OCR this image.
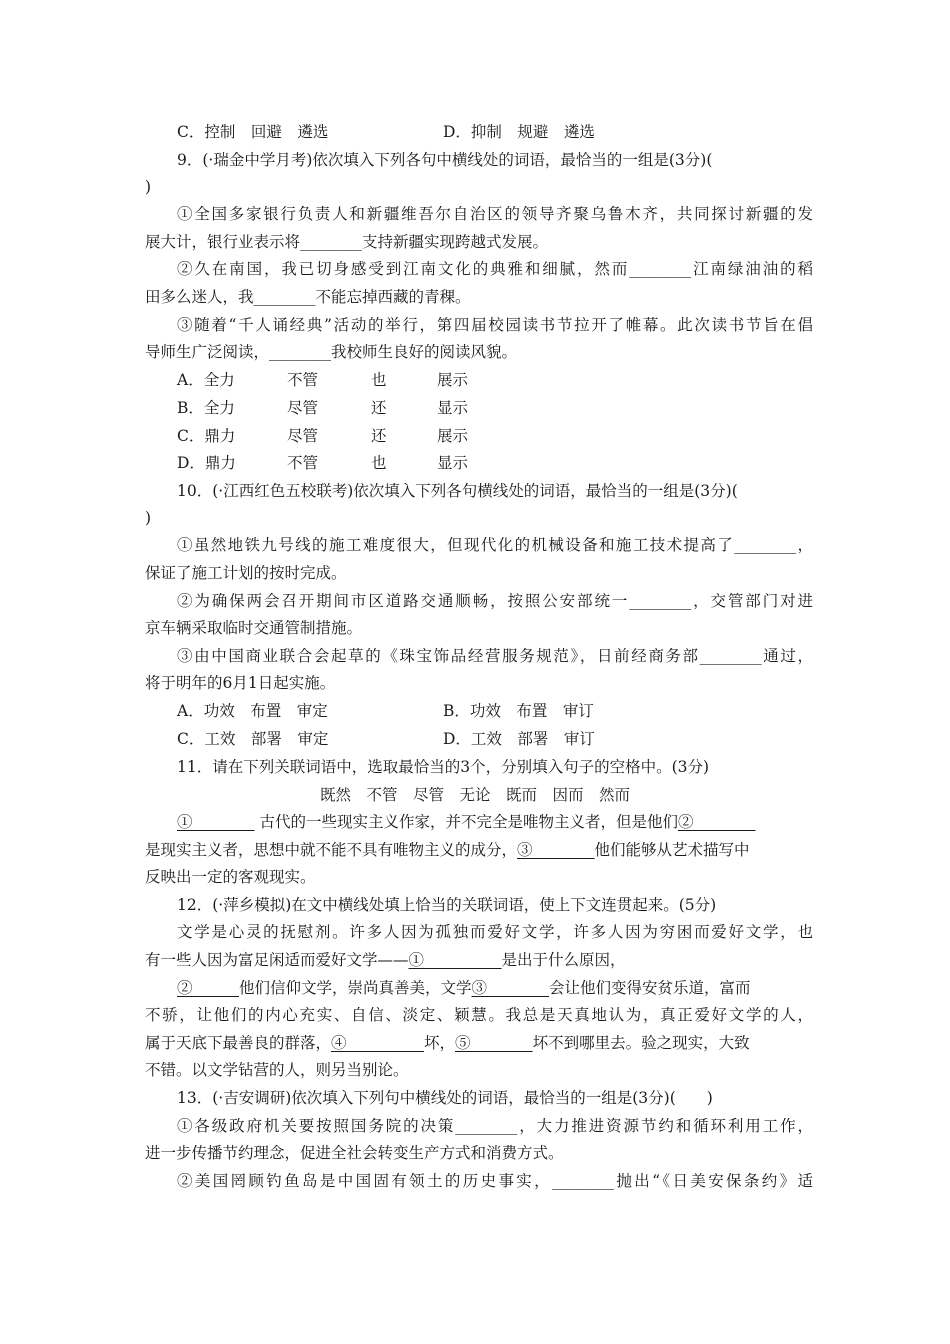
C．控制　回避　遴选	D．抑制　规避　遴选
9．(·瑞金中学月考)依次填入下列各句中横线处的词语，最恰当的一组是(3分)(
)
①全国多家银行负责人和新疆维吾尔自治区的领导齐聚乌鲁木齐，共同探讨新疆的发
展大计，银行业表示将________支持新疆实现跨越式发展。
②久在南国，我已切身感受到江南文化的典雅和细腻，然而________江南绿油油的稻
田多么迷人，我________不能忘掉西藏的青稞。
③随着“千人诵经典”活动的举行，第四届校园读书节拉开了帷幕。此次读书节旨在倡
导师生广泛阅读，________我校师生良好的阅读风貌。
A．全力	不管	也	展示
B．全力	尽管	还	显示
C．鼎力	尽管	还	展示
D．鼎力	不管	也	显示
10．(·江西红色五校联考)依次填入下列各句横线处的词语，最恰当的一组是(3分)(
)
①虽然地铁九号线的施工难度很大，但现代化的机械设备和施工技术提高了________，
保证了施工计划的按时完成。
②为确保两会召开期间市区道路交通顺畅，按照公安部统一________，交管部门对进
京车辆采取临时交通管制措施。
③由中国商业联合会起草的《珠宝饰品经营服务规范》，日前经商务部________通过，
将于明年的6月1日起实施。
A．功效　布置　审定	B．功效　布置　审订
C．工效　部署　审定	D．工效　部署　审订
11．请在下列关联词语中，选取最恰当的3个，分别填入句子的空格中。(3分)
既然　不管　尽管　无论　既而　因而　然而
①________ 古代的一些现实主义作家，并不完全是唯物主义者，但是他们②________
是现实主义者，思想中就不能不具有唯物主义的成分，③________他们能够从艺术描写中
反映出一定的客观现实。
12．(·萍乡模拟)在文中横线处填上恰当的关联词语，使上下文连贯起来。(5分)
文学是心灵的抚慰剂。许多人因为孤独而爱好文学，许多人因为穷困而爱好文学，也
有一些人因为富足闲适而爱好文学——①__________是出于什么原因，
②______他们信仰文学，崇尚真善美，文学③________会让他们变得安贫乐道，富而
不骄，让他们的内心充实、自信、淡定、颖慧。我总是天真地认为，真正爱好文学的人，
属于天底下最善良的群落，④__________坏，⑤________坏不到哪里去。验之现实，大致
不错。以文学钻营的人，则另当别论。
13．(·吉安调研)依次填入下列句中横线处的词语，最恰当的一组是(3分)(　　)
①各级政府机关要按照国务院的决策________，大力推进资源节约和循环利用工作，
进一步传播节约理念，促进全社会转变生产方式和消费方式。
②美国罔顾钓鱼岛是中国固有领土的历史事实，________抛出“《日美安保条约》适
